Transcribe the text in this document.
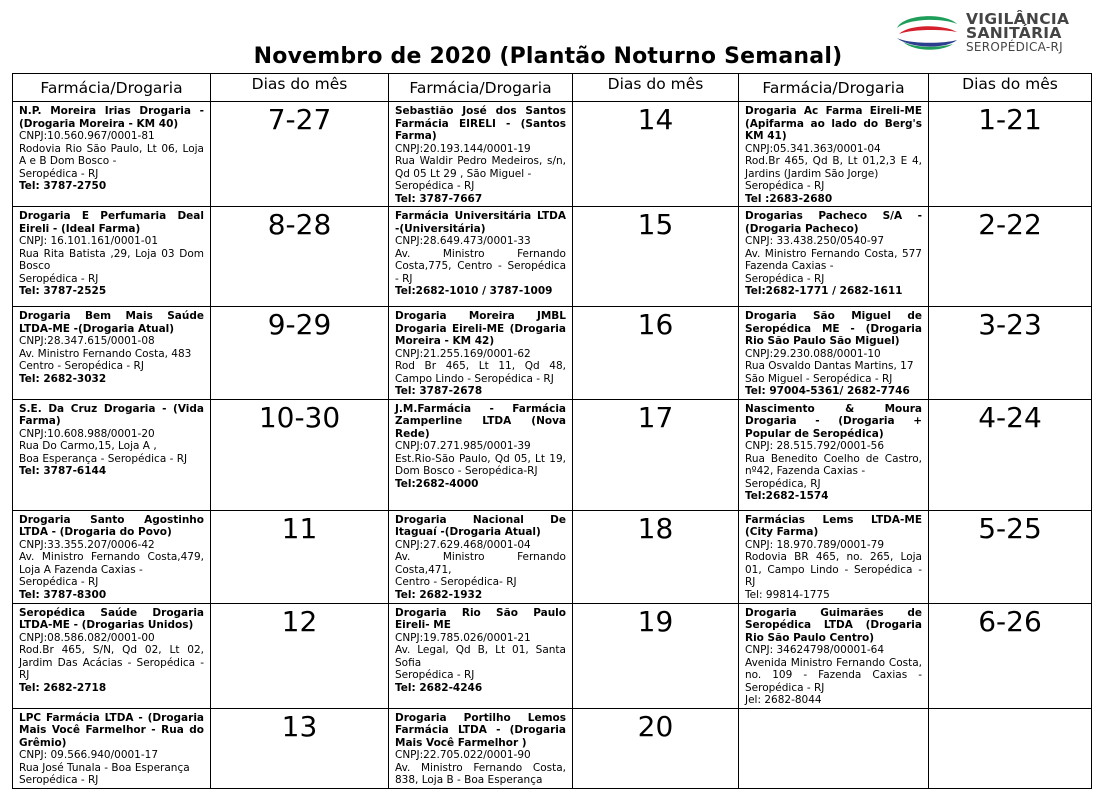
VIGILÂNCIA
SANITÁRIA
SEROPÉDICA-RJ
Novembro de 2020 (Plantão Noturno Semanal)
Farmácia/Drogaria	Dias do mês	Farmácia/Drogaria	Dias do mês	Farmácia/Drogaria	Dias do mês

N.P. Moreira Irias Drogaria - (Drogaria Moreira - KM 40)
CNPJ:10.560.967/0001-81
Rodovia Rio São Paulo, Lt 06, Loja A e B Dom Bosco -
Seropédica - RJ
Tel: 3787-2750	7-27	Sebastião José dos Santos Farmácia EIRELI - (Santos Farma)
CNPJ:20.193.144/0001-19
Rua Waldir Pedro Medeiros, s/n, Qd 05 Lt 29 , São Miguel -
Seropédica - RJ
Tel: 3787-7667	14	Drogaria Ac Farma Eireli-ME (Apifarma ao lado do Berg's KM 41)
CNPJ:05.341.363/0001-04
Rod.Br 465, Qd B, Lt 01,2,3 E 4, Jardins (Jardim São Jorge)
Seropédica - RJ
Tel :2683-2680	1-21

Drogaria E Perfumaria Deal Eireli - (Ideal Farma)
CNPJ: 16.101.161/0001-01
Rua Rita Batista ,29, Loja 03 Dom Bosco
Seropédica - RJ
Tel: 3787-2525	8-28	Farmácia Universitária LTDA -(Universitária)
CNPJ:28.649.473/0001-33
Av. Ministro Fernando Costa,775, Centro - Seropédica - RJ
Tel:2682-1010 / 3787-1009	15	Drogarias Pacheco S/A - (Drogaria Pacheco)
CNPJ: 33.438.250/0540-97
Av. Ministro Fernando Costa, 577 Fazenda Caxias -
Seropédica - RJ
Tel:2682-1771 / 2682-1611	2-22

Drogaria Bem Mais Saúde LTDA-ME -(Drogaria Atual)
CNPJ:28.347.615/0001-08
Av. Ministro Fernando Costa, 483
Centro - Seropédica - RJ
Tel: 2682-3032	9-29	Drogaria Moreira JMBL Drogaria Eireli-ME (Drogaria Moreira - KM 42)
CNPJ:21.255.169/0001-62
Rod Br 465, Lt 11, Qd 48, Campo Lindo - Seropédica - RJ
Tel: 3787-2678	16	Drogaria São Miguel de Seropédica ME - (Drogaria Rio São Paulo São Miguel)
CNPJ:29.230.088/0001-10
Rua Osvaldo Dantas Martins, 17
São Miguel - Seropédica - RJ
Tel: 97004-5361/ 2682-7746	3-23

S.E. Da Cruz Drogaria - (Vida Farma)
CNPJ:10.608.988/0001-20
Rua Do Carmo,15, Loja A ,
Boa Esperança - Seropédica - RJ
Tel: 3787-6144	10-30	J.M.Farmácia - Farmácia Zamperline LTDA (Nova Rede)
CNPJ:07.271.985/0001-39
Est.Rio-São Paulo, Qd 05, Lt 19, Dom Bosco - Seropédica-RJ
Tel:2682-4000	17	Nascimento & Moura Drogaria - (Drogaria + Popular de Seropédica)
CNPJ: 28.515.792/0001-56
Rua Benedito Coelho de Castro, nº42, Fazenda Caxias -
Seropédica, RJ
Tel:2682-1574	4-24

Drogaria Santo Agostinho LTDA - (Drogaria do Povo)
CNPJ:33.355.207/0006-42
Av. Ministro Fernando Costa,479, Loja A Fazenda Caxias -
Seropédica - RJ
Tel: 3787-8300	11	Drogaria Nacional De Itaguaí -(Drogaria Atual)
CNPJ:27.629.468/0001-04
Av. Ministro Fernando Costa,471,
Centro - Seropédica- RJ
Tel: 2682-1932	18	Farmácias Lems LTDA-ME (City Farma)
CNPJ: 18.970.789/0001-79
Rodovia BR 465, no. 265, Loja 01, Campo Lindo - Seropédica - RJ
Tel: 99814-1775	5-25

Seropédica Saúde Drogaria LTDA-ME - (Drogarias Unidos)
CNPJ:08.586.082/0001-00
Rod.Br 465, S/N, Qd 02, Lt 02, Jardim Das Acácias - Seropédica - RJ
Tel: 2682-2718	12	Drogaria Rio São Paulo Eireli- ME
CNPJ:19.785.026/0001-21
Av. Legal, Qd B, Lt 01, Santa Sofia
Seropédica - RJ
Tel: 2682-4246	19	Drogaria Guimarães de Seropédica LTDA (Drogaria Rio São Paulo Centro)
CNPJ: 34624798/00001-64
Avenida Ministro Fernando Costa, no. 109 - Fazenda Caxias - Seropédica - RJ
Jel: 2682-8044	6-26

LPC Farmácia LTDA - (Drogaria Mais Você Farmelhor - Rua do Grêmio)
CNPJ: 09.566.940/0001-17
Rua José Tunala - Boa Esperança
Seropédica - RJ	13	Drogaria Portilho Lemos Farmácia LTDA - (Drogaria Mais Você Farmelhor )
CNPJ:22.705.022/0001-90
Av. Ministro Fernando Costa, 838, Loja B - Boa Esperança	20		
